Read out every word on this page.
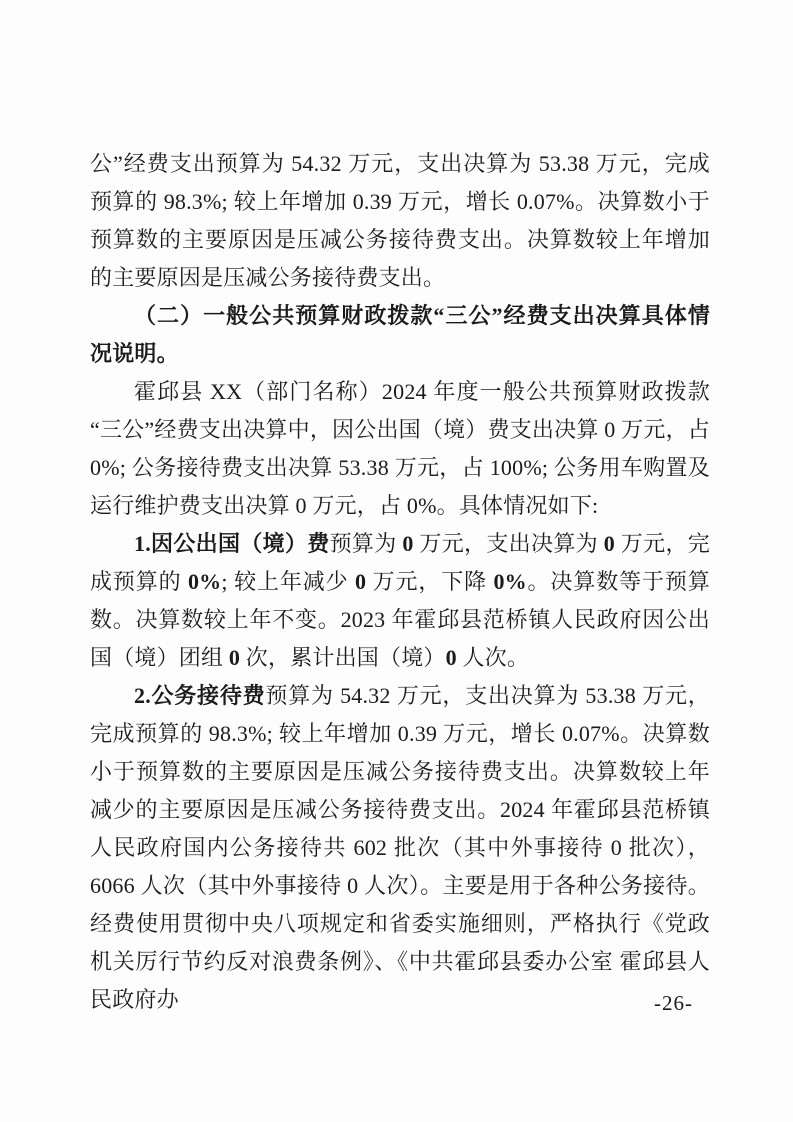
公”经费支出预算为 54.32 万元，支出决算为 53.38 万元，完成预算的 98.3%; 较上年增加 0.39 万元，增长 0.07%。决算数小于预算数的主要原因是压减公务接待费支出。决算数较上年增加的主要原因是压减公务接待费支出。

（二）一般公共预算财政拨款“三公”经费支出决算具体情况说明。

霍邱县 XX（部门名称）2024 年度一般公共预算财政拨款“三公”经费支出决算中，因公出国（境）费支出决算 0 万元，占 0%; 公务接待费支出决算 53.38 万元，占 100%; 公务用车购置及运行维护费支出决算 0 万元，占 0%。具体情况如下:

1.因公出国（境）费预算为 0 万元，支出决算为 0 万元，完成预算的 0%; 较上年减少 0 万元，下降 0%。决算数等于预算数。决算数较上年不变。2023 年霍邱县范桥镇人民政府因公出国（境）团组 0 次，累计出国（境）0 人次。

2.公务接待费预算为 54.32 万元，支出决算为 53.38 万元，完成预算的 98.3%; 较上年增加 0.39 万元，增长 0.07%。决算数小于预算数的主要原因是压减公务接待费支出。决算数较上年减少的主要原因是压减公务接待费支出。2024 年霍邱县范桥镇人民政府国内公务接待共 602 批次（其中外事接待 0 批次），6066 人次（其中外事接待 0 人次）。主要是用于各种公务接待。经费使用贯彻中央八项规定和省委实施细则，严格执行《党政机关厉行节约反对浪费条例》、《中共霍邱县委办公室 霍邱县人民政府办	-26-
